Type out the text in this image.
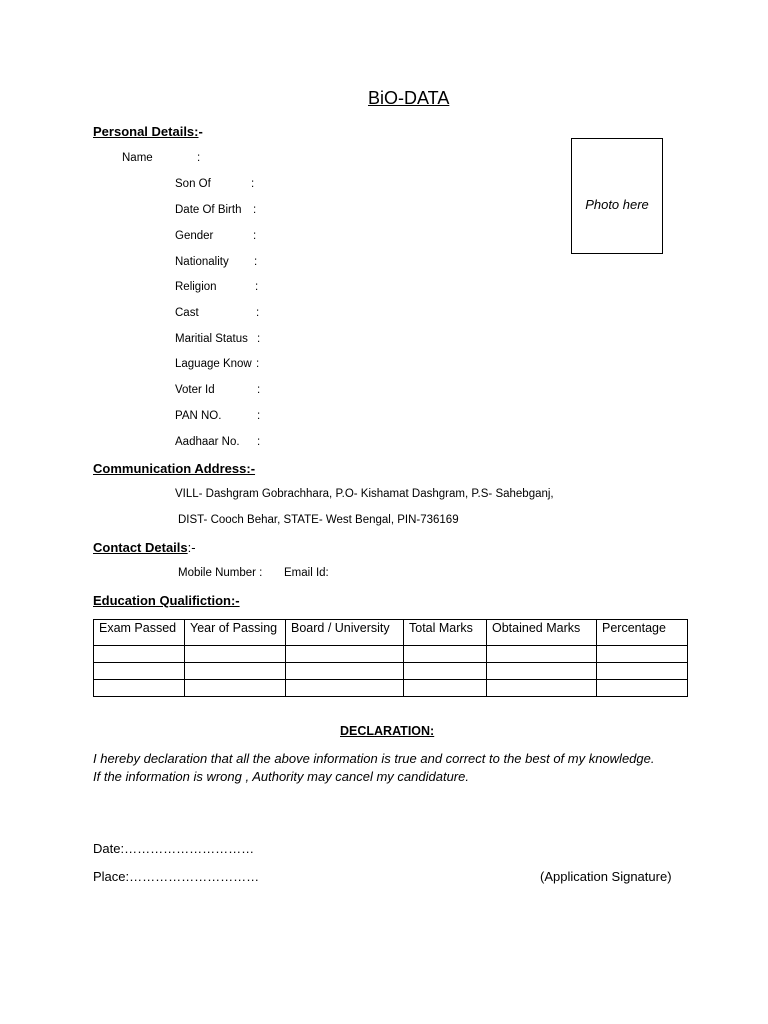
BiO-DATA
Personal Details:-
Name	:
Son Of	:
Date Of Birth :
Gender	:
Nationality :
Religion	:
Cast	:
Maritial Status :
Laguage Know :
Voter Id	:
PAN NO.	:
Aadhaar No. :
Photo here
Communication Address:-
VILL- Dashgram Gobrachhara, P.O- Kishamat Dashgram, P.S- Sahebganj,
DIST- Cooch Behar, STATE- West Bengal, PIN-736169
Contact Details:-
Mobile Number : Email Id:
Education Qualifiction:-
Exam Passed	Year of Passing	Board / University	Total Marks	Obtained Marks	Percentage

DECLARATION:
I hereby declaration that all the above information is true and correct to the best of my knowledge.
If the information is wrong , Authority may cancel my candidature.
Date:…………………………
Place:…………………………	(Application Signature)
